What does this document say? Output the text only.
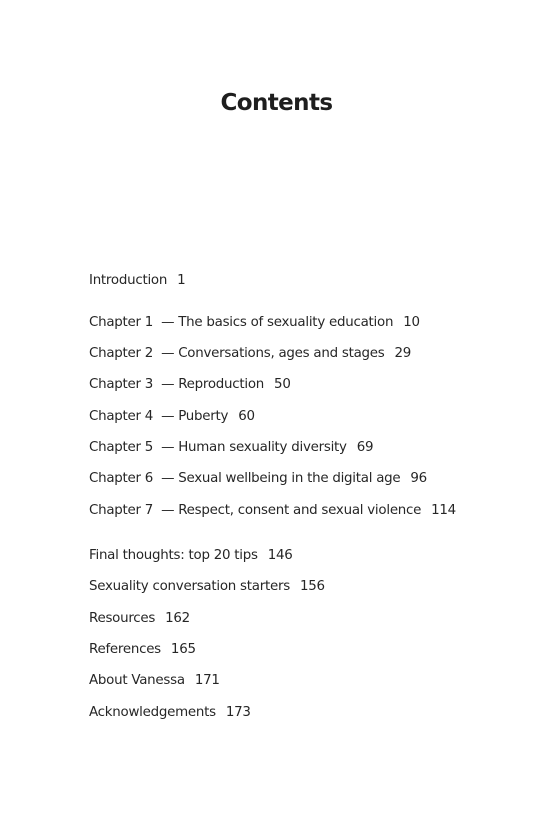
Contents
Introduction 1
Chapter 1 — The basics of sexuality education 10
Chapter 2 — Conversations, ages and stages 29
Chapter 3 — Reproduction 50
Chapter 4 — Puberty 60
Chapter 5 — Human sexuality diversity 69
Chapter 6 — Sexual wellbeing in the digital age 96
Chapter 7 — Respect, consent and sexual violence 114
Final thoughts: top 20 tips 146
Sexuality conversation starters 156
Resources 162
References 165
About Vanessa 171
Acknowledgements 173
